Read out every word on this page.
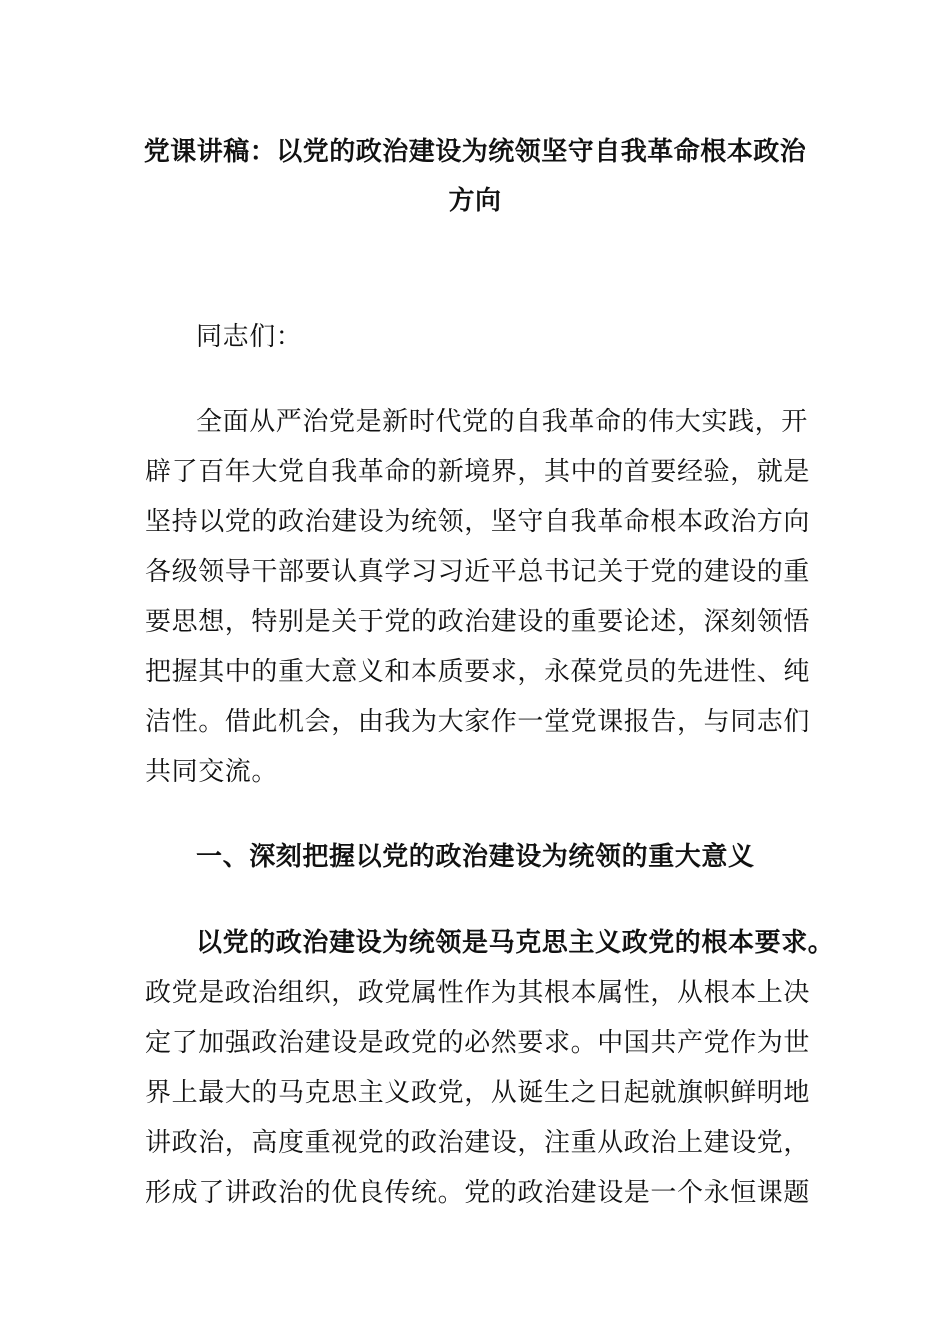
党课讲稿：以党的政治建设为统领坚守自我革命根本政治
方向
同志们：
全面从严治党是新时代党的自我革命的伟大实践，开
辟了百年大党自我革命的新境界，其中的首要经验，就是
坚持以党的政治建设为统领，坚守自我革命根本政治方向
各级领导干部要认真学习习近平总书记关于党的建设的重
要思想，特别是关于党的政治建设的重要论述，深刻领悟
把握其中的重大意义和本质要求，永葆党员的先进性、纯
洁性。借此机会，由我为大家作一堂党课报告，与同志们
共同交流。
一、深刻把握以党的政治建设为统领的重大意义
以党的政治建设为统领是马克思主义政党的根本要求。
政党是政治组织，政党属性作为其根本属性，从根本上决
定了加强政治建设是政党的必然要求。中国共产党作为世
界上最大的马克思主义政党，从诞生之日起就旗帜鲜明地
讲政治，高度重视党的政治建设，注重从政治上建设党，
形成了讲政治的优良传统。党的政治建设是一个永恒课题
